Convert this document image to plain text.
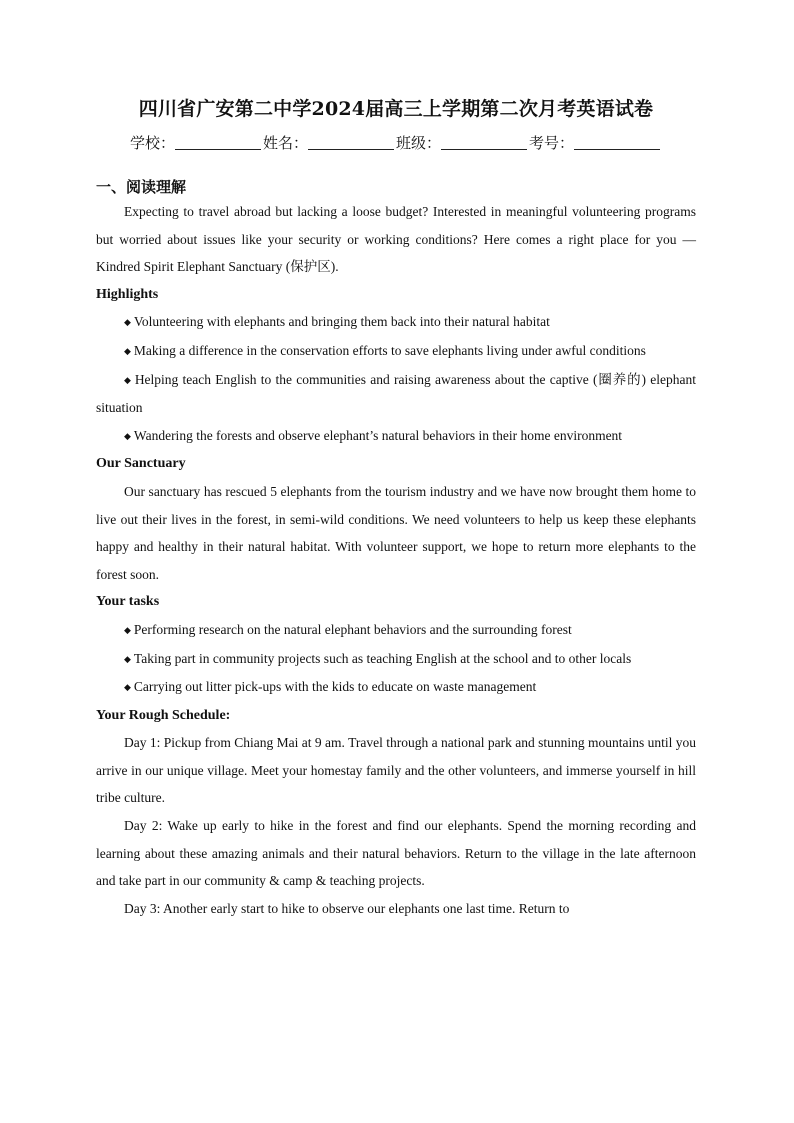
四川省广安第二中学2024届高三上学期第二次月考英语试卷
学校：	姓名：	班级：	考号：
一、阅读理解

Expecting to travel abroad but lacking a loose budget? Interested in meaningful volunteering programs but worried about issues like your security or working conditions? Here comes a right place for you — Kindred Spirit Elephant Sanctuary (保护区).

Highlights

◆ Volunteering with elephants and bringing them back into their natural habitat

◆ Making a difference in the conservation efforts to save elephants living under awful conditions

◆ Helping teach English to the communities and raising awareness about the captive (圈养的) elephant situation

◆ Wandering the forests and observe elephant’s natural behaviors in their home environment

Our Sanctuary

Our sanctuary has rescued 5 elephants from the tourism industry and we have now brought them home to live out their lives in the forest, in semi-wild conditions. We need volunteers to help us keep these elephants happy and healthy in their natural habitat. With volunteer support, we hope to return more elephants to the forest soon.

Your tasks

◆ Performing research on the natural elephant behaviors and the surrounding forest

◆ Taking part in community projects such as teaching English at the school and to other locals

◆ Carrying out litter pick-ups with the kids to educate on waste management

Your Rough Schedule:

Day 1: Pickup from Chiang Mai at 9 am. Travel through a national park and stunning mountains until you arrive in our unique village. Meet your homestay family and the other volunteers, and immerse yourself in hill tribe culture.

Day 2: Wake up early to hike in the forest and find our elephants. Spend the morning recording and learning about these amazing animals and their natural behaviors. Return to the village in the late afternoon and take part in our community & camp & teaching projects.

Day 3: Another early start to hike to observe our elephants one last time. Return to
